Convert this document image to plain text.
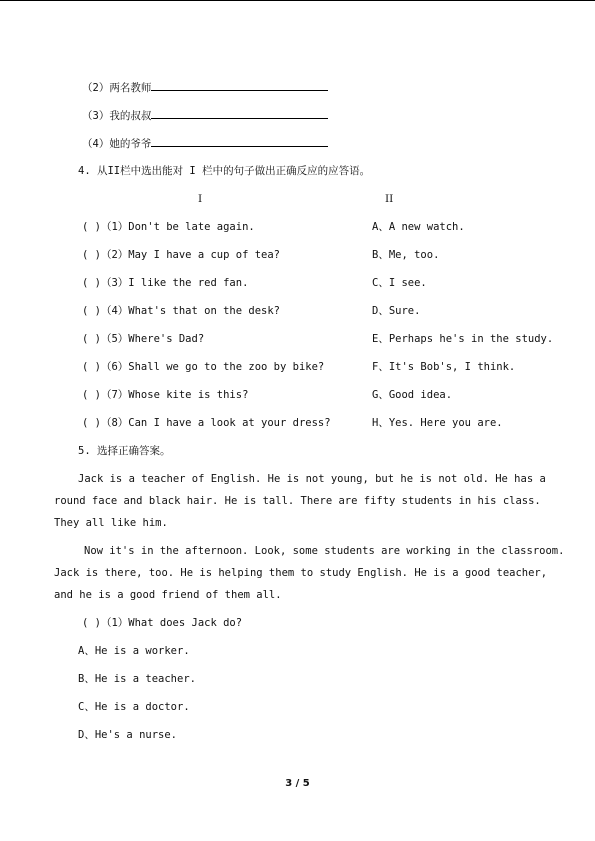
（2）两名教师
（3）我的叔叔
（4）她的爷爷
4. 从II栏中选出能对 I 栏中的句子做出正确反应的应答语。
I	II
( )（1）Don't be late again.	A、A new watch.
( )（2）May I have a cup of tea?	B、Me, too.
( )（3）I like the red fan.	C、I see.
( )（4）What's that on the desk?	D、Sure.
( )（5）Where's Dad?	E、Perhaps he's in the study.
( )（6）Shall we go to the zoo by bike?	F、It's Bob's, I think.
( )（7）Whose kite is this?	G、Good idea.
( )（8）Can I have a look at your dress?	H、Yes. Here you are.
5. 选择正确答案。
Jack is a teacher of English. He is not young, but he is not old. He has a
round face and black hair. He is tall. There are fifty students in his class.
They all like him.
Now it's in the afternoon. Look, some students are working in the classroom.
Jack is there, too. He is helping them to study English. He is a good teacher,
and he is a good friend of them all.
( )（1）What does Jack do?
A、He is a worker.
B、He is a teacher.
C、He is a doctor.
D、He's a nurse.
3 / 5
